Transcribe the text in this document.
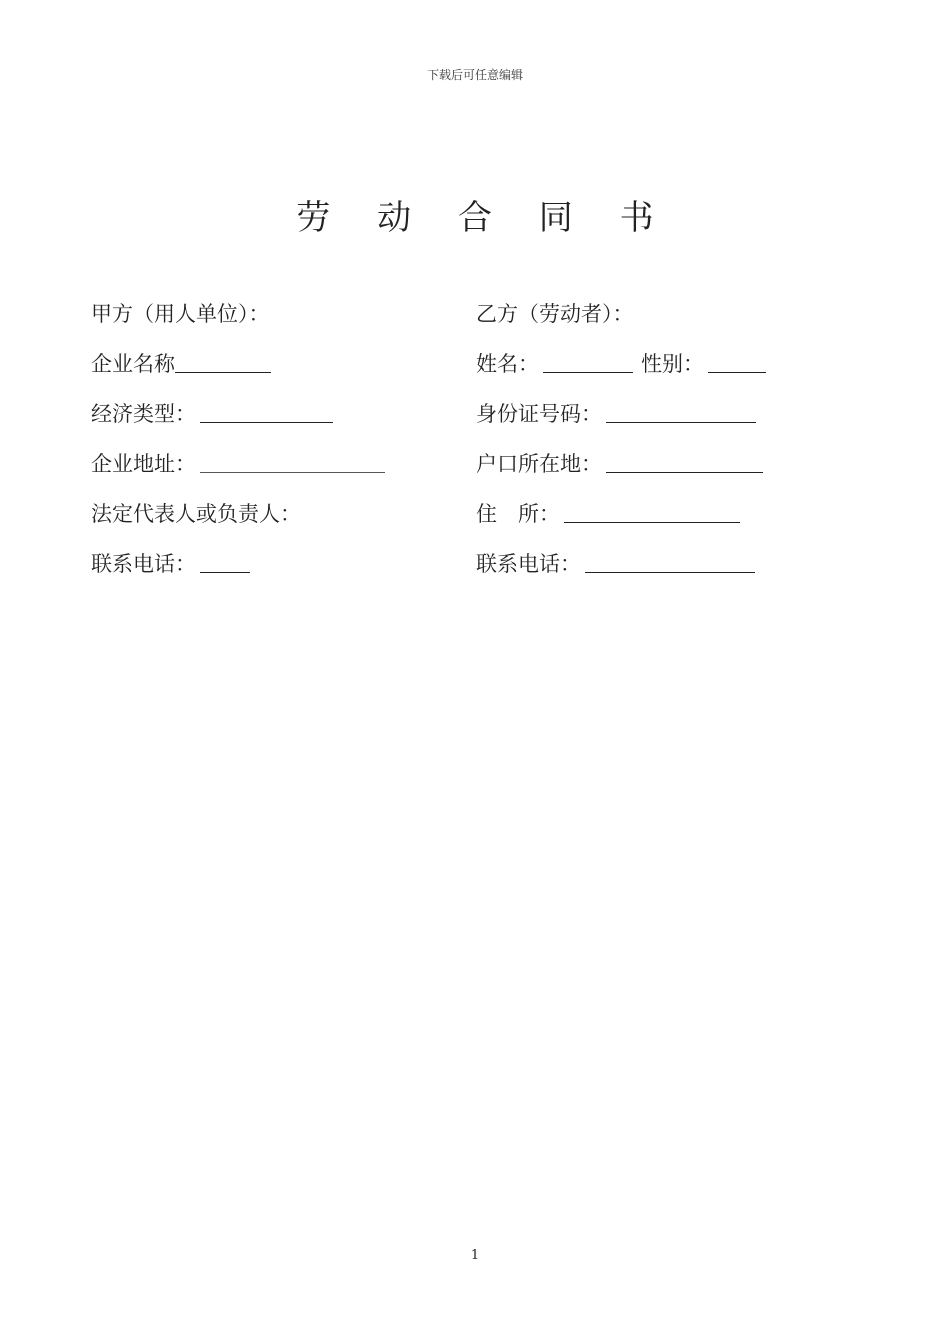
下载后可任意编辑
劳 动 合 同 书
甲方（用人单位）：
企业名称
经济类型：
企业地址：
法定代表人或负责人：
联系电话：
乙方（劳动者）：
姓名：	性别：
身份证号码：
户口所在地：
住　所：
联系电话：
1
